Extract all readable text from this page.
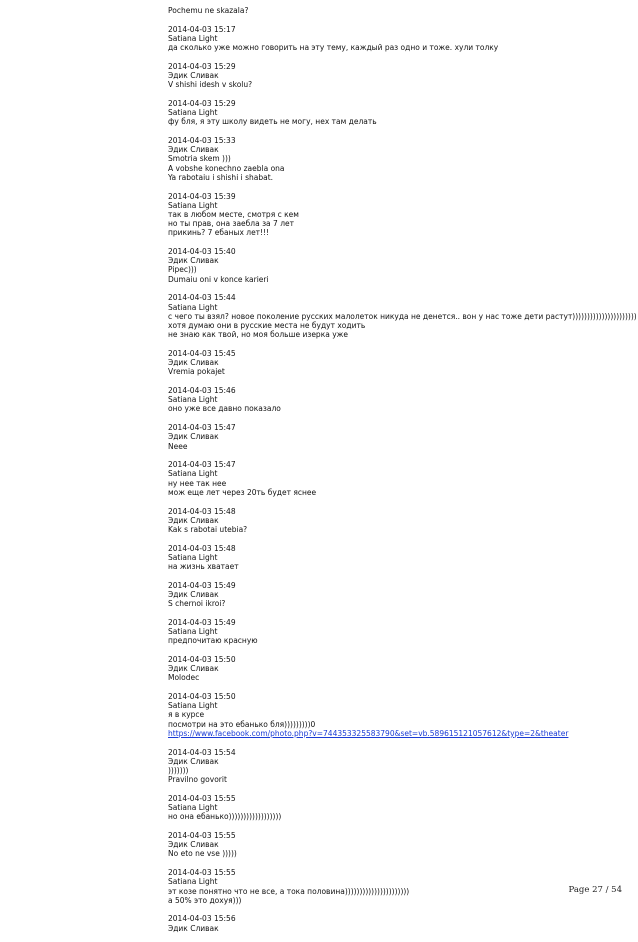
Pochemu ne skazala?
2014-04-03 15:17
Satiana Light
да сколько уже можно говорить на эту тему, каждый раз одно и тоже. хули толку
2014-04-03 15:29
Эдик Сливак
V shishi idesh v skolu?
2014-04-03 15:29
Satiana Light
фу бля, я эту школу видеть не могу, нех там делать
2014-04-03 15:33
Эдик Сливак
Smotria skem )))
A vobshe konechno zaebla ona
Ya rabotaiu i shishi i shabat.
2014-04-03 15:39
Satiana Light
так в любом месте, смотря с кем
но ты прав, она заебла за 7 лет
прикинь? 7 ебаных лет!!!
2014-04-03 15:40
Эдик Сливак
Pipec)))
Dumaiu oni v konce karieri
2014-04-03 15:44
Satiana Light
с чего ты взял? новое поколение русских малолеток никуда не денется.. вон у нас тоже дети растут))))))))))))))))))))))
хотя думаю они в русские места не будут ходить
не знаю как твой, но моя больше изерка уже
2014-04-03 15:45
Эдик Сливак
Vremia pokajet
2014-04-03 15:46
Satiana Light
оно уже все давно показало
2014-04-03 15:47
Эдик Сливак
Neee
2014-04-03 15:47
Satiana Light
ну нее так нее
мож еще лет через 20ть будет яснее
2014-04-03 15:48
Эдик Сливак
Kak s rabotai utebia?
2014-04-03 15:48
Satiana Light
на жизнь хватает
2014-04-03 15:49
Эдик Сливак
S chernoi ikroi?
2014-04-03 15:49
Satiana Light
предпочитаю красную
2014-04-03 15:50
Эдик Сливак
Molodec
2014-04-03 15:50
Satiana Light
я в курсе
посмотри на это ебанько бля)))))))))0
https://www.facebook.com/photo.php?v=744353325583790&set=vb.589615121057612&type=2&theater
2014-04-03 15:54
Эдик Сливак
)))))))
Pravilno govorit
2014-04-03 15:55
Satiana Light
но она ебанько))))))))))))))))))
2014-04-03 15:55
Эдик Сливак
No eto ne vse )))))
2014-04-03 15:55
Satiana Light
эт козе понятно что не все, а тока половина))))))))))))))))))))))
а 50% это дохуя)))
2014-04-03 15:56
Эдик Сливак
Page 27 / 54
